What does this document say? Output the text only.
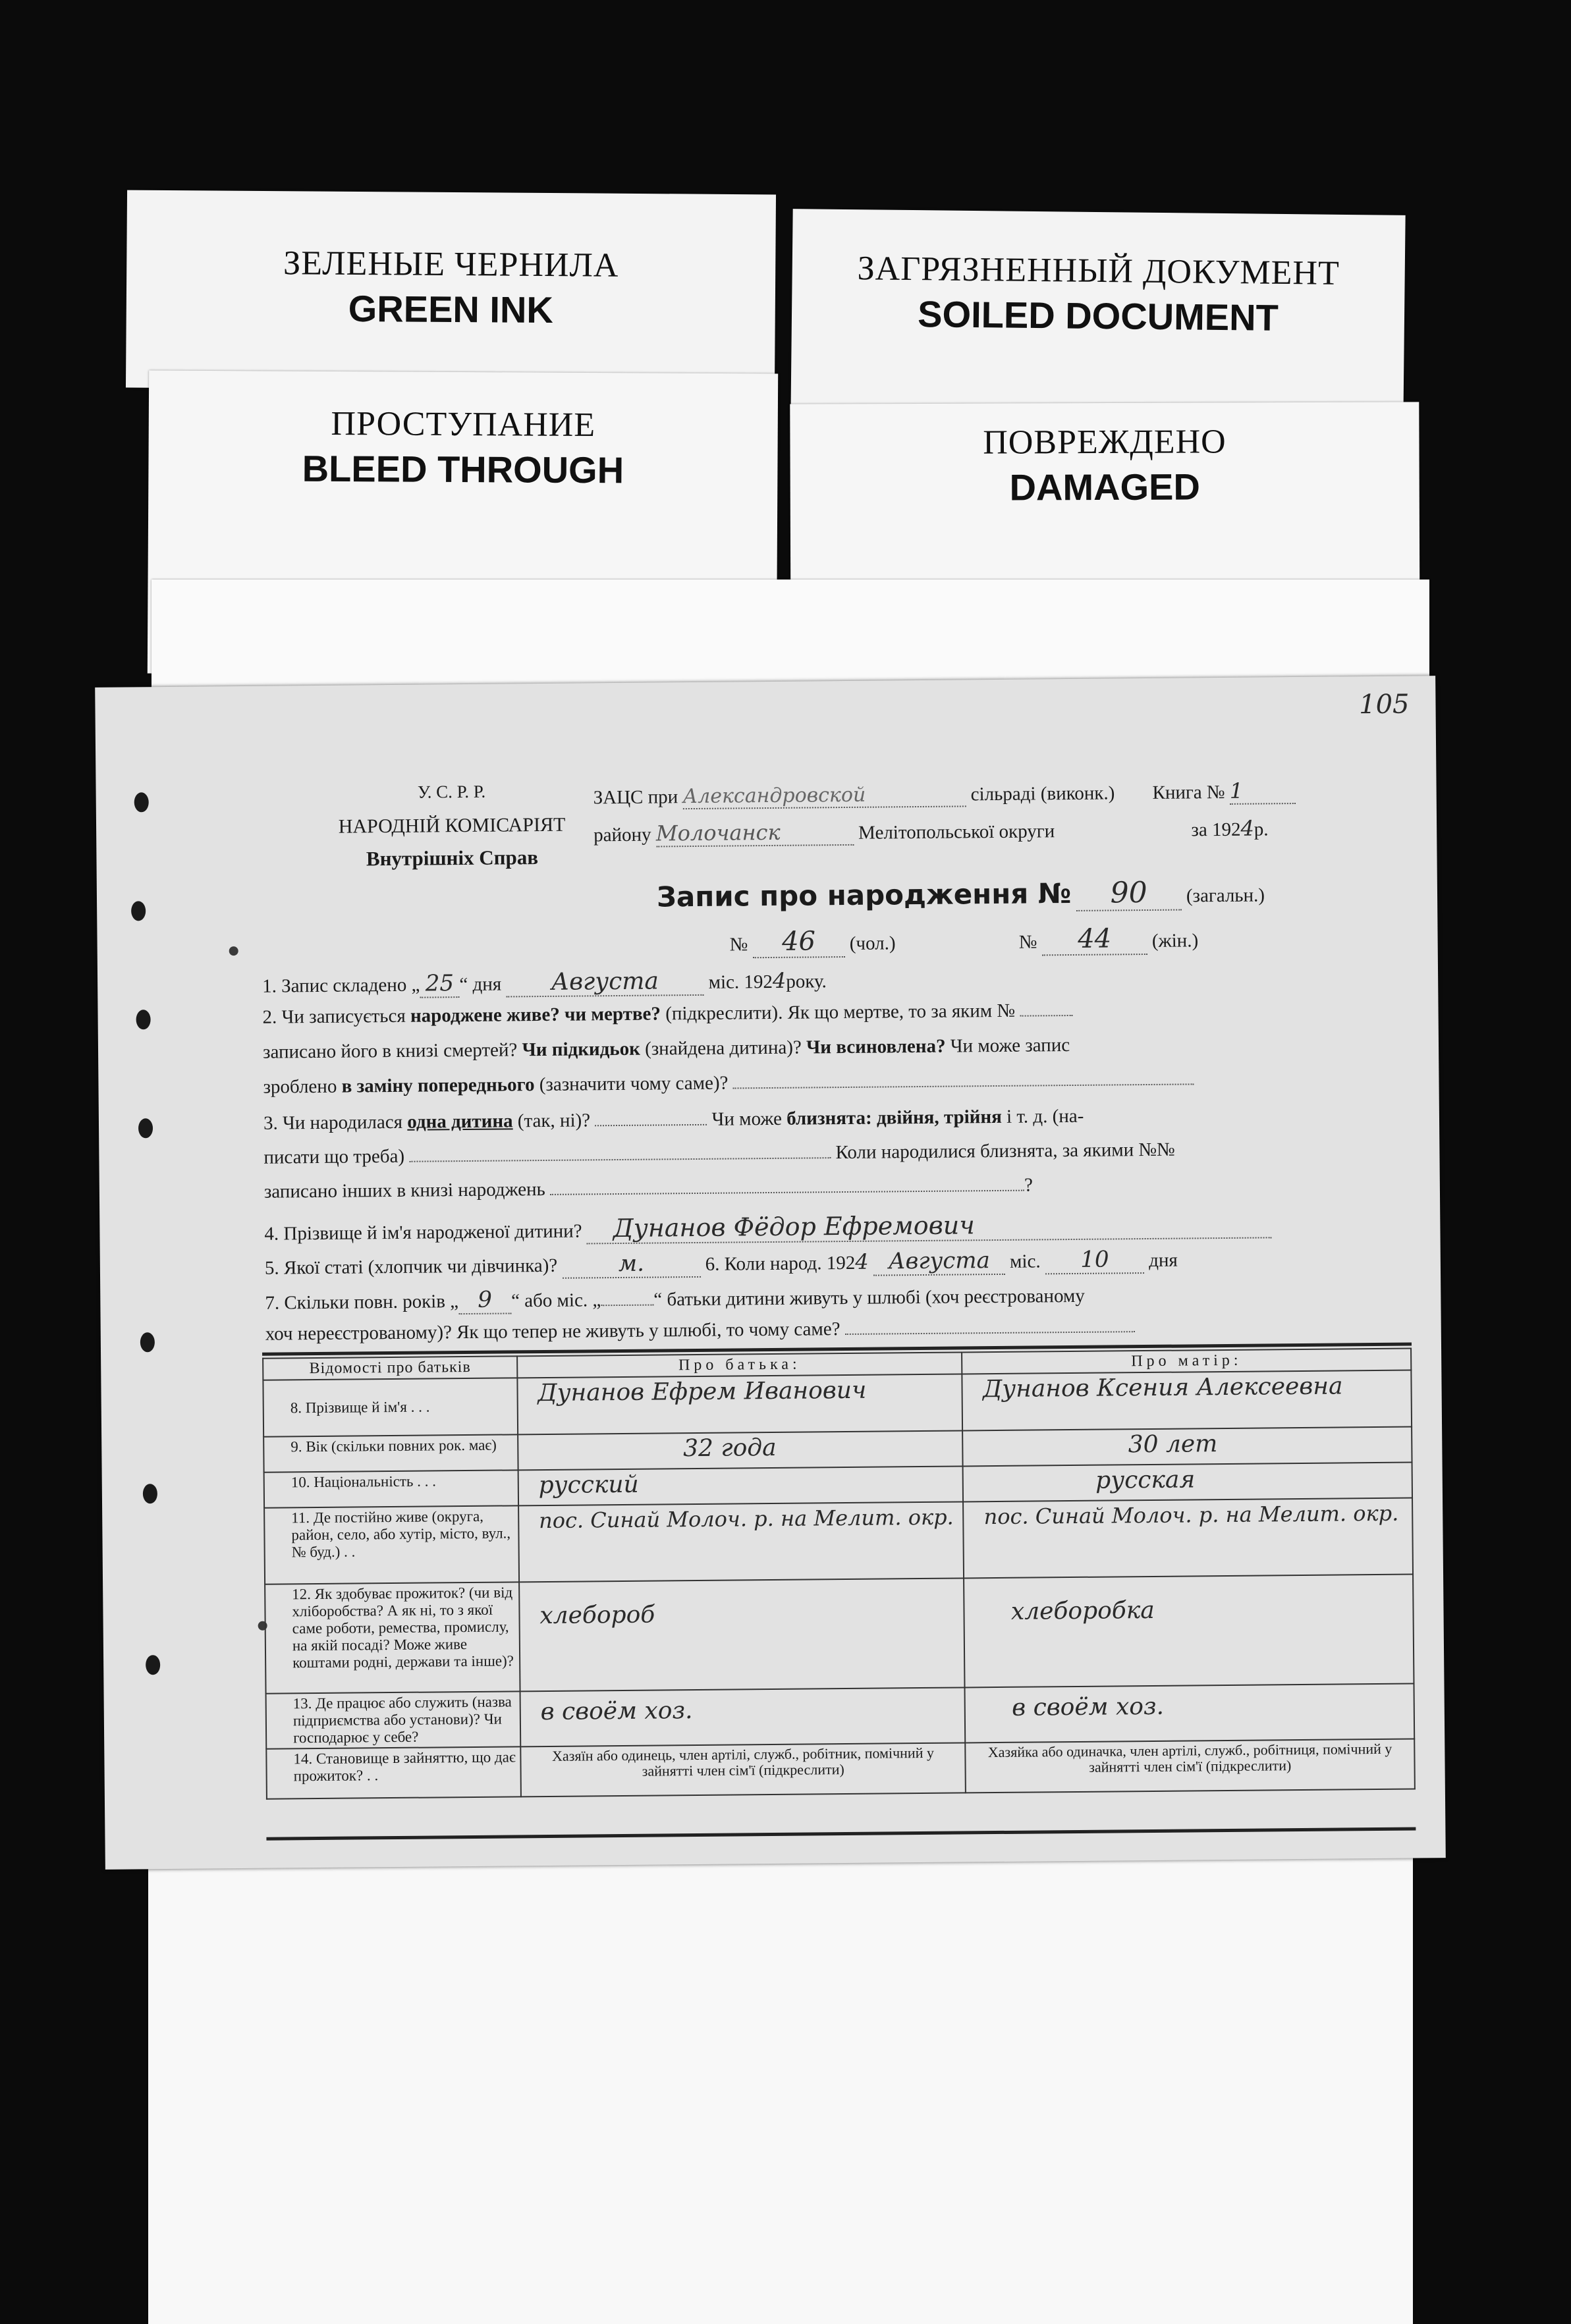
ЗЕЛЕНЫЕ ЧЕРНИЛА
GREEN INK
ЗАГРЯЗНЕННЫЙ ДОКУМЕНТ
SOILED DOCUMENT
ПРОСТУПАНИЕ
BLEED THROUGH
ПОВРЕЖДЕНО
DAMAGED
105
У. С. Р. Р.
НАРОДНІЙ КОМІСАРІЯТ
Внутрішніх Справ
ЗАЦС при Александровской	сільраді (виконк.) Книга № 1
району Молочанск	Мелітопольської округи	за 1924р.
Запис про народження № 90 (загальн.)
№ 46 (чол.)	№ 44 (жін.)
1. Запис складено „ 25 “ дня Августа	міс. 1924року.
2. Чи записується народжене живе? чи мертве? (підкреслити). Як що мертве, то за яким №
записано його в книзі смертей? Чи підкидьок (знайдена дитина)? Чи всиновлена? Чи може запис
зроблено в заміну попереднього (зазначити чому саме)?
3. Чи народилася одна дитина (так, ні)?	Чи може близнята: двійня, трійня і т. д. (на-
писати що треба)	Коли народилися близнята, за якими №№
записано інших в книзі народжень	?
4. Прізвище й ім'я народженої дитини? Дунанов Фёдор Ефремович
5. Якої статі (хлопчик чи дівчинка)?	м.	6. Коли народ. 1924 Августа міс. 10 дня
7. Скільки повн. років „ 9 “ або міс. „	“ батьки дитини живуть у шлюбі (хоч реєстрованому
хоч нереєстрованому)? Як що тепер не живуть у шлюбі, то чому саме?
Відомості про батьків	Про батька:	Про матір:
8. Прізвище й ім'я . . .	Дунанов Ефрем Иванович	Дунанов Ксения Алексеевна
9. Вік (скільки повних рок. має)	32 года	30 лет
10. Національність . . .	русский	русская
11. Де постійно живе (округа, район, село, або хутір, місто, вул., № буд.) . .	пос. Синай Молоч. р. на Мелит. окр.	пос. Синай Молоч. р. на Мелит. окр.
12. Як здобуває прожиток? (чи від хліборобства? А як ні, то з якої саме роботи, ремества, промислу, на якій посаді? Може живе коштами родні, держави та інше)?	хлебороб	хлеборобка
13. Де працює або служить (назва підприємства або установи)? Чи господарює у себе?	в своём хоз.	в своём хоз.
14. Становище в зайняттю, що дає прожиток? . .	Хазяїн або одинець, член артілі, служб., робітник, помічний у зайнятті член сім'ї (підкреслити)	Хазяйка або одиначка, член артілі, служб., робітниця, помічний у зайнятті член сім'ї (підкреслити)
